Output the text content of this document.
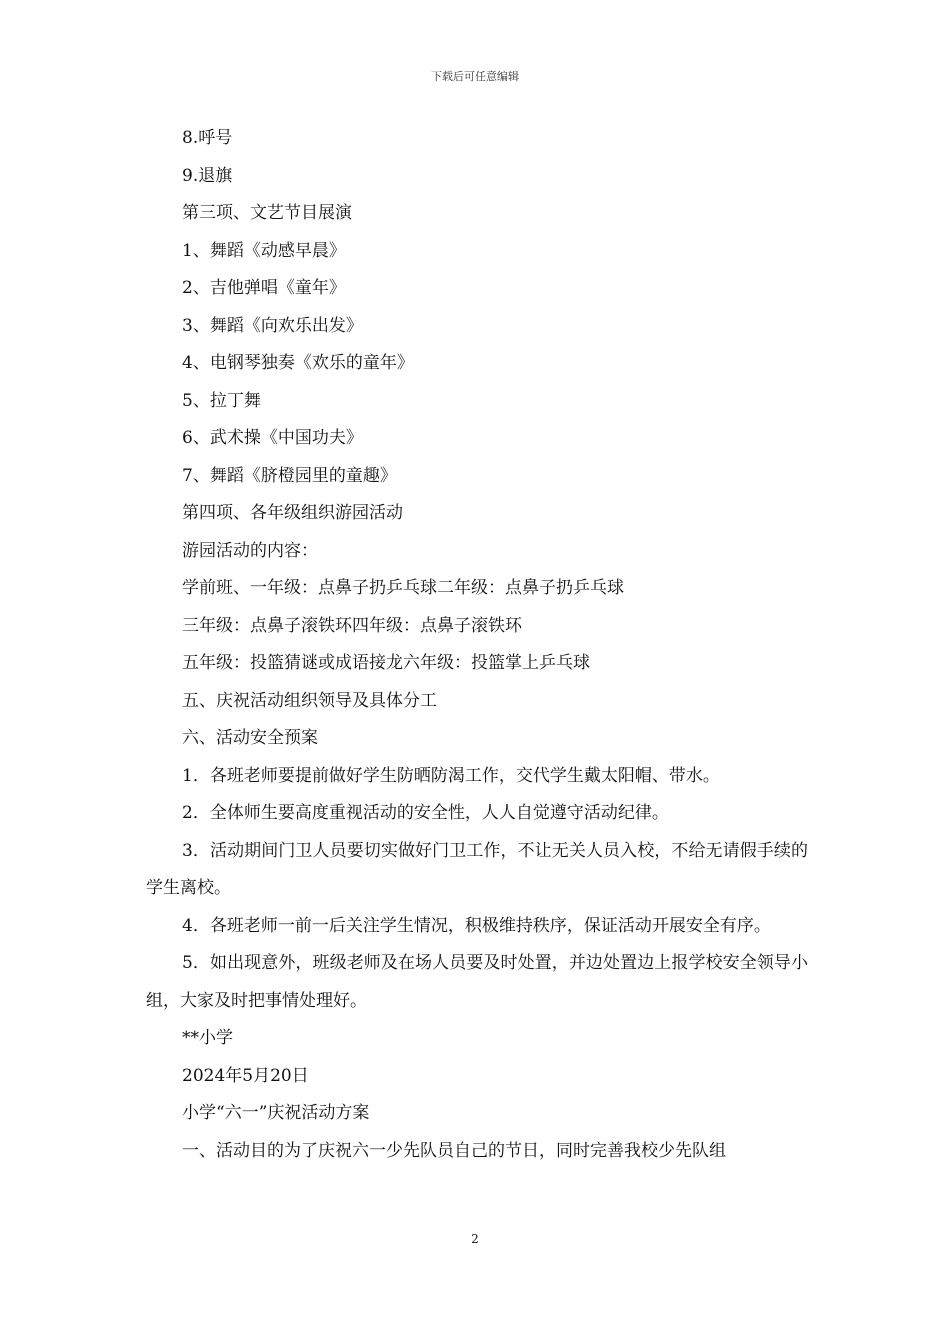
下载后可任意编辑
8.呼号
9.退旗
第三项、文艺节目展演
1、舞蹈《动感早晨》
2、吉他弹唱《童年》
3、舞蹈《向欢乐出发》
4、电钢琴独奏《欢乐的童年》
5、拉丁舞
6、武术操《中国功夫》
7、舞蹈《脐橙园里的童趣》
第四项、各年级组织游园活动
游园活动的内容：
学前班、一年级：点鼻子扔乒乓球二年级：点鼻子扔乒乓球
三年级：点鼻子滚铁环四年级：点鼻子滚铁环
五年级：投篮猜谜或成语接龙六年级：投篮掌上乒乓球
五、庆祝活动组织领导及具体分工
六、活动安全预案
1．各班老师要提前做好学生防晒防渴工作，交代学生戴太阳帽、带水。
2．全体师生要高度重视活动的安全性，人人自觉遵守活动纪律。
3．活动期间门卫人员要切实做好门卫工作，不让无关人员入校，不给无请假手续的学生离校。
4．各班老师一前一后关注学生情况，积极维持秩序，保证活动开展安全有序。
5．如出现意外，班级老师及在场人员要及时处置，并边处置边上报学校安全领导小组，大家及时把事情处理好。
**小学
2024年5月20日
小学“六一”庆祝活动方案
一、活动目的为了庆祝六一少先队员自己的节日，同时完善我校少先队组
2
